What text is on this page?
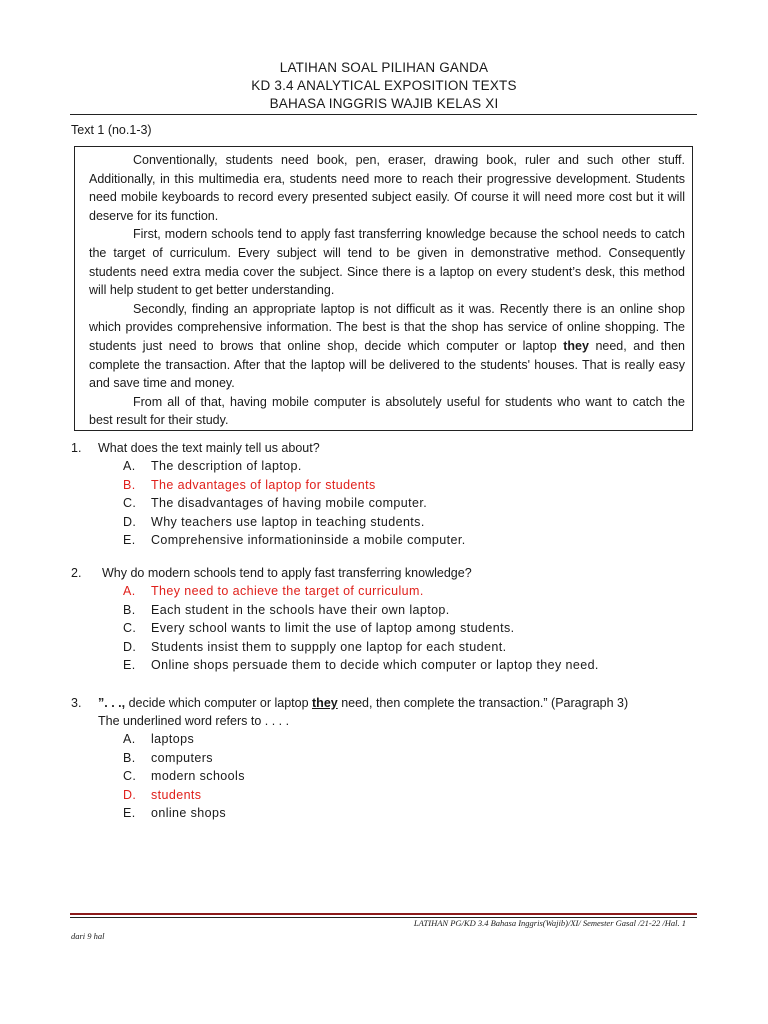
LATIHAN SOAL PILIHAN GANDA
KD 3.4 ANALYTICAL EXPOSITION TEXTS
BAHASA INGGRIS WAJIB KELAS XI
Text 1 (no.1-3)

Conventionally, students need book, pen, eraser, drawing book, ruler and such other stuff. Additionally, in this multimedia era, students need more to reach their progressive development. Students need mobile keyboards to record every presented subject easily. Of course it will need more cost but it will deserve for its function.

First, modern schools tend to apply fast transferring knowledge because the school needs to catch the target of curriculum. Every subject will tend to be given in demonstrative method. Consequently students need extra media cover the subject. Since there is a laptop on every student’s desk, this method will help student to get better understanding.

Secondly, finding an appropriate laptop is not difficult as it was. Recently there is an online shop which provides comprehensive information. The best is that the shop has service of online shopping. The students just need to brows that online shop, decide which computer or laptop they need, and then complete the transaction. After that the laptop will be delivered to the students' houses. That is really easy and save time and money.

From all of that, having mobile computer is absolutely useful for students who want to catch the best result for their study.

1.	What does the text mainly tell us about?
A.	The description of laptop.
B.	The advantages of laptop for students
C.	The disadvantages of having mobile computer.
D.	Why teachers use laptop in teaching students.
E.	Comprehensive informationinside a mobile computer.
2.	Why do modern schools tend to apply fast transferring knowledge?
A.	They need to achieve the target of curriculum.
B.	Each student in the schools have their own laptop.
C.	Every school wants to limit the use of laptop among students.
D.	Students insist them to suppply one laptop for each student.
E.	Online shops persuade them to decide which computer or laptop they need.
3.	”. . ., decide which computer or laptop they need, then complete the transaction.” (Paragraph 3)
The underlined word refers to . . . .
A.	laptops
B.	computers
C.	modern schools
D.	students
E.	online shops
LATIHAN PG/KD 3.4 Bahasa Inggris(Wajib)/XI/ Semester Gasal /21-22 /Hal. 1
dari 9 hal
